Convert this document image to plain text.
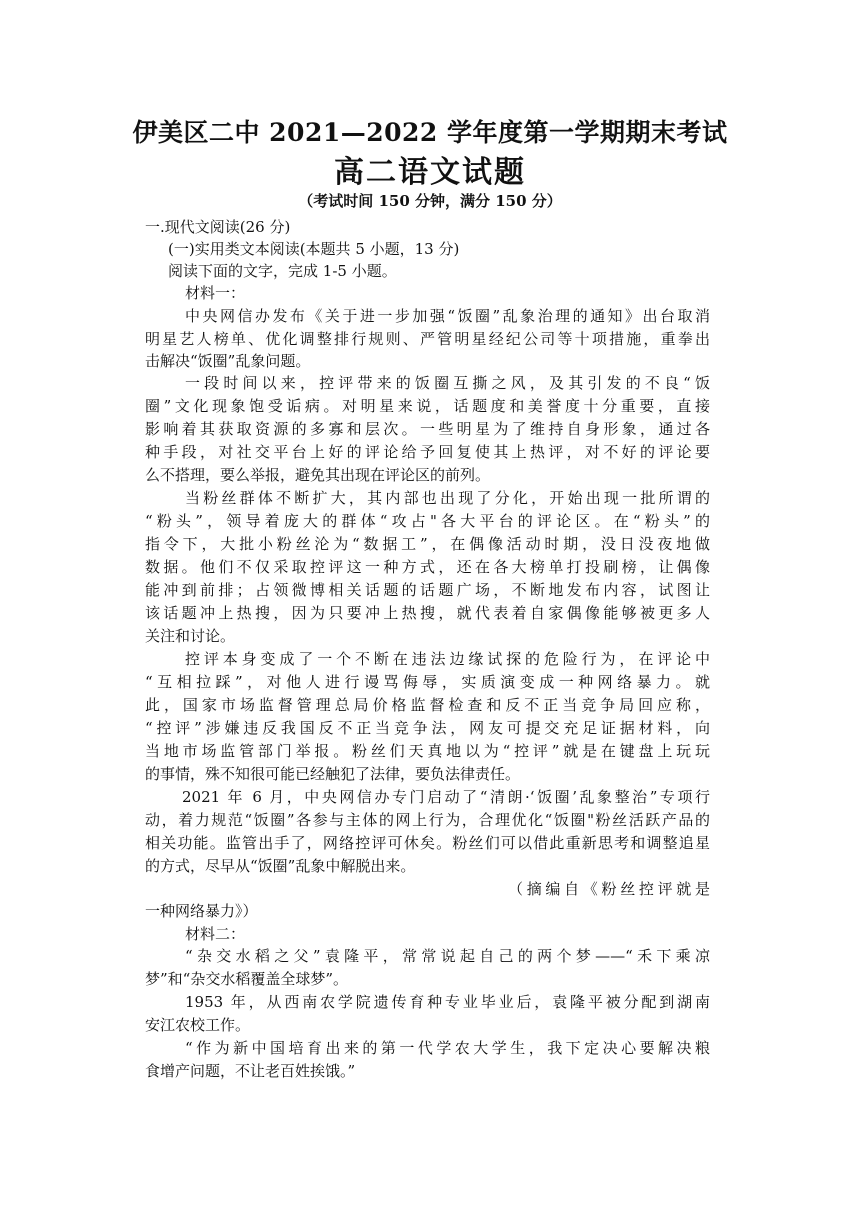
伊美区二中 2021—2022 学年度第一学期期末考试
高二语文试题
（考试时间 150 分钟，满分 150 分）
一.现代文阅读(26 分)
(一)实用类文本阅读(本题共 5 小题，13 分)
阅读下面的文字，完成 1-5 小题。
材料一：
中央网信办发布《关于进一步加强“饭圈”乱象治理的通知》出台取消
明星艺人榜单、优化调整排行规则、严管明星经纪公司等十项措施，重拳出
击解决“饭圈”乱象问题。
一段时间以来，控评带来的饭圈互撕之风，及其引发的不良“饭
圈”文化现象饱受诟病。对明星来说，话题度和美誉度十分重要，直接
影响着其获取资源的多寡和层次。一些明星为了维持自身形象，通过各
种手段，对社交平台上好的评论给予回复使其上热评，对不好的评论要
么不搭理，要么举报，避免其出现在评论区的前列。
当粉丝群体不断扩大，其内部也出现了分化，开始出现一批所谓的
“粉头”，领导着庞大的群体“攻占"各大平台的评论区。在“粉头”的
指令下，大批小粉丝沦为“数据工”，在偶像活动时期，没日没夜地做
数据。他们不仅采取控评这一种方式，还在各大榜单打投刷榜，让偶像
能冲到前排；占领微博相关话题的话题广场，不断地发布内容，试图让
该话题冲上热搜，因为只要冲上热搜，就代表着自家偶像能够被更多人
关注和讨论。
控评本身变成了一个不断在违法边缘试探的危险行为，在评论中
“互相拉踩”，对他人进行谩骂侮辱，实质演变成一种网络暴力。就
此，国家市场监督管理总局价格监督检查和反不正当竞争局回应称，
“控评”涉嫌违反我国反不正当竞争法，网友可提交充足证据材料，向
当地市场监管部门举报。粉丝们天真地以为“控评”就是在键盘上玩玩
的事情，殊不知很可能已经触犯了法律，要负法律责任。
2021 年 6 月，中央网信办专门启动了“清朗·‘饭圈’乱象整治”专项行
动，着力规范“饭圈”各参与主体的网上行为，合理优化“饭圈"粉丝活跃产品的
相关功能。监管出手了，网络控评可休矣。粉丝们可以借此重新思考和调整追星
的方式，尽早从“饭圈”乱象中解脱出来。
（摘编自《粉丝控评就是
一种网络暴力》）
材料二：
“杂交水稻之父”袁隆平，常常说起自己的两个梦——“禾下乘凉
梦”和“杂交水稻覆盖全球梦”。
1953 年，从西南农学院遗传育种专业毕业后，袁隆平被分配到湖南
安江农校工作。
“作为新中国培育出来的第一代学农大学生，我下定决心要解决粮
食增产问题，不让老百姓挨饿。”
